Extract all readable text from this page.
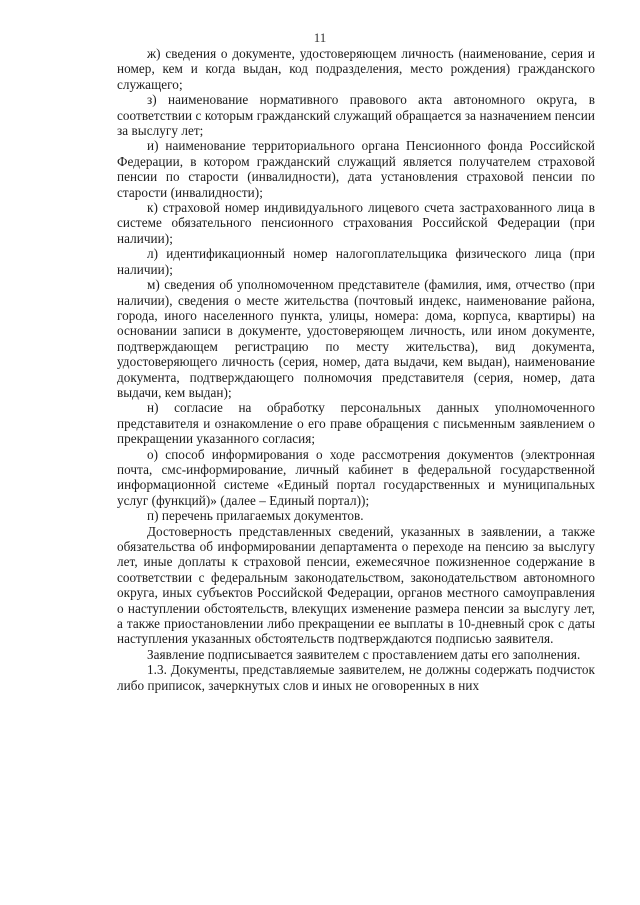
11

ж) сведения о документе, удостоверяющем личность (наименование, серия и номер, кем и когда выдан, код подразделения, место рождения) гражданского служащего;

з) наименование нормативного правового акта автономного округа, в соответствии с которым гражданский служащий обращается за назначением пенсии за выслугу лет;

и) наименование территориального органа Пенсионного фонда Российской Федерации, в котором гражданский служащий является получателем страховой пенсии по старости (инвалидности), дата установления страховой пенсии по старости (инвалидности);

к) страховой номер индивидуального лицевого счета застрахованного лица в системе обязательного пенсионного страхования Российской Федерации (при наличии);

л) идентификационный номер налогоплательщика физического лица (при наличии);

м) сведения об уполномоченном представителе (фамилия, имя, отчество (при наличии), сведения о месте жительства (почтовый индекс, наименование района, города, иного населенного пункта, улицы, номера: дома, корпуса, квартиры) на основании записи в документе, удостоверяющем личность, или ином документе, подтверждающем регистрацию по месту жительства), вид документа, удостоверяющего личность (серия, номер, дата выдачи, кем выдан), наименование документа, подтверждающего полномочия представителя (серия, номер, дата выдачи, кем выдан);

н) согласие на обработку персональных данных уполномоченного представителя и ознакомление о его праве обращения с письменным заявлением о прекращении указанного согласия;

о) способ информирования о ходе рассмотрения документов (электронная почта, смс-информирование, личный кабинет в федеральной государственной информационной системе «Единый портал государственных и муниципальных услуг (функций)» (далее – Единый портал));

п) перечень прилагаемых документов.

Достоверность представленных сведений, указанных в заявлении, а также обязательства об информировании департамента о переходе на пенсию за выслугу лет, иные доплаты к страховой пенсии, ежемесячное пожизненное содержание в соответствии с федеральным законодательством, законодательством автономного округа, иных субъектов Российской Федерации, органов местного самоуправления о наступлении обстоятельств, влекущих изменение размера пенсии за выслугу лет, а также приостановлении либо прекращении ее выплаты в 10-дневный срок с даты наступления указанных обстоятельств подтверждаются подписью заявителя.

Заявление подписывается заявителем с проставлением даты его заполнения.

1.3. Документы, представляемые заявителем, не должны содержать подчисток либо приписок, зачеркнутых слов и иных не оговоренных в них
